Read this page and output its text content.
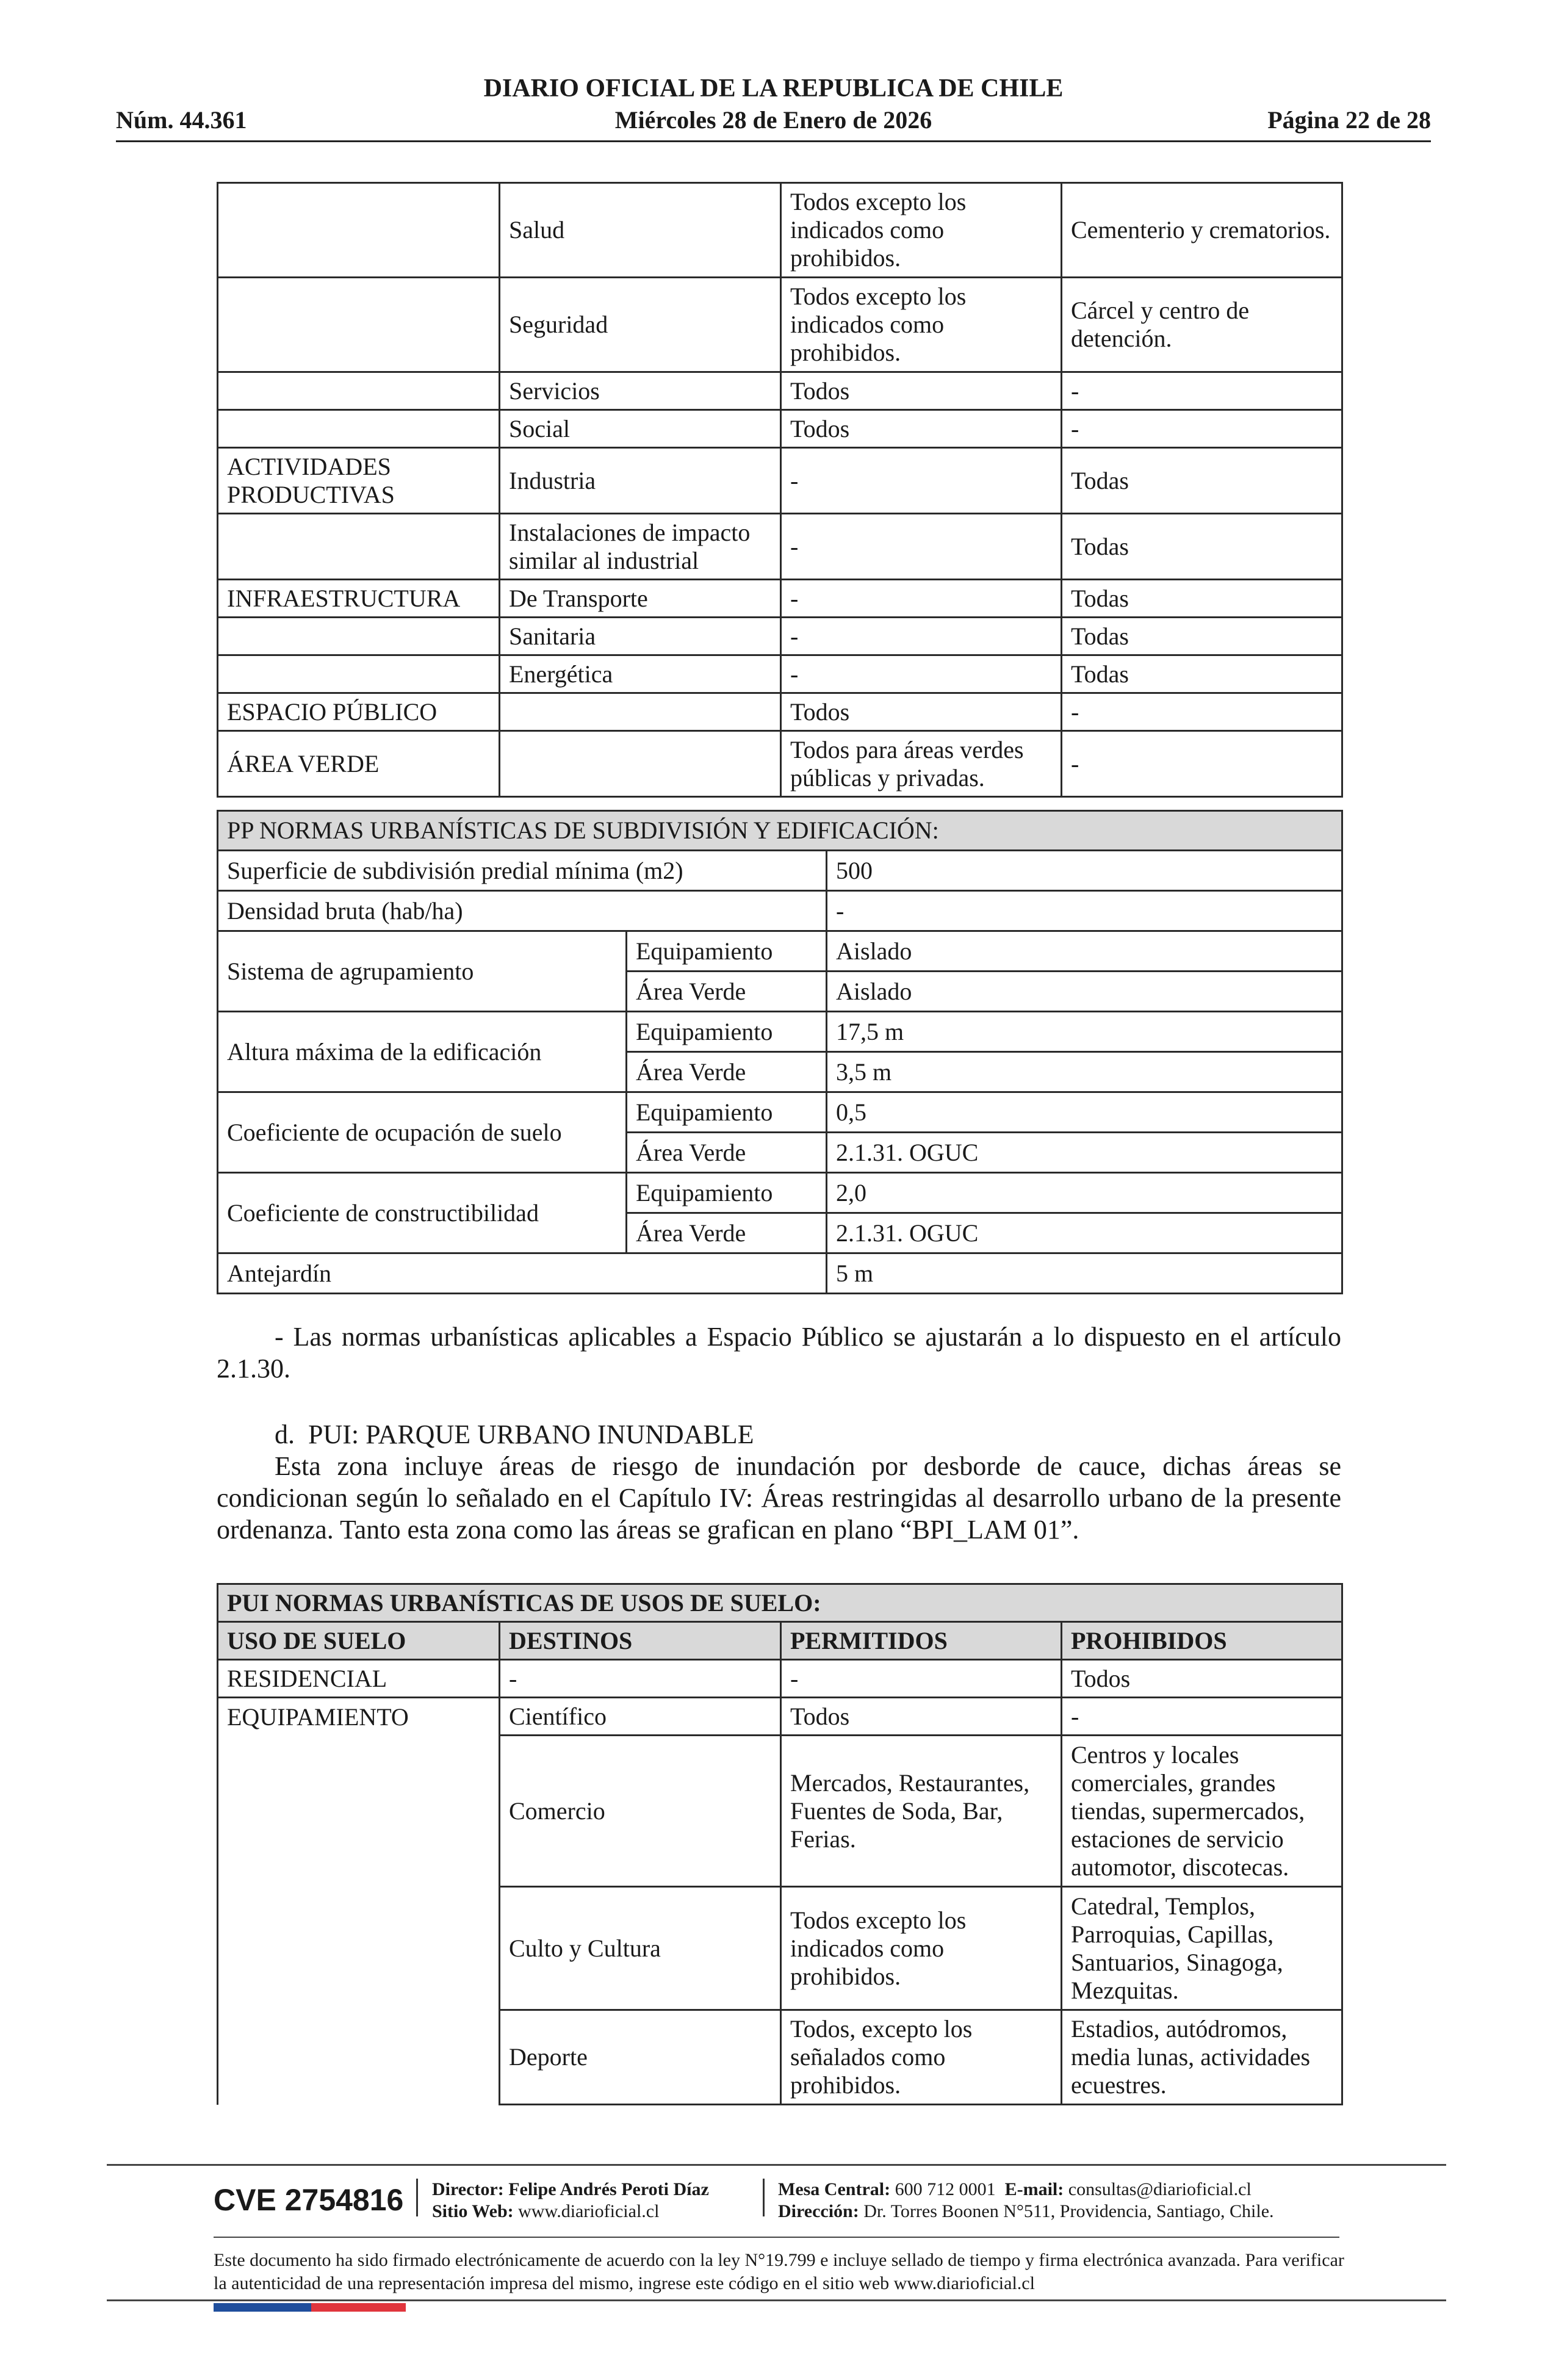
DIARIO OFICIAL DE LA REPUBLICA DE CHILE
Núm. 44.361	Miércoles 28 de Enero de 2026	Página 22 de 28
	Salud	Todos excepto los indicados como prohibidos.	Cementerio y crematorios.
	Seguridad	Todos excepto los indicados como prohibidos.	Cárcel y centro de detención.
	Servicios	Todos	-
	Social	Todos	-
ACTIVIDADES PRODUCTIVAS	Industria	-	Todas
	Instalaciones de impacto similar al industrial	-	Todas
INFRAESTRUCTURA	De Transporte	-	Todas
	Sanitaria	-	Todas
	Energética	-	Todas
ESPACIO PÚBLICO		Todos	-
ÁREA VERDE		Todos para áreas verdes públicas y privadas.	-
PP NORMAS URBANÍSTICAS DE SUBDIVISIÓN Y EDIFICACIÓN:		
Superficie de subdivisión predial mínima (m2)		500
Densidad bruta (hab/ha)		-
Sistema de agrupamiento	Equipamiento	Aislado
	Área Verde	Aislado
Altura máxima de la edificación	Equipamiento	17,5 m
	Área Verde	3,5 m
Coeficiente de ocupación de suelo	Equipamiento	0,5
	Área Verde	2.1.31. OGUC
Coeficiente de constructibilidad	Equipamiento	2,0
	Área Verde	2.1.31. OGUC
Antejardín		5 m
- Las normas urbanísticas aplicables a Espacio Público se ajustarán a lo dispuesto en el artículo 2.1.30.
d.  PUI: PARQUE URBANO INUNDABLE
Esta zona incluye áreas de riesgo de inundación por desborde de cauce, dichas áreas se condicionan según lo señalado en el Capítulo IV: Áreas restringidas al desarrollo urbano de la presente ordenanza. Tanto esta zona como las áreas se grafican en plano “BPI_LAM 01”.
PUI NORMAS URBANÍSTICAS DE USOS DE SUELO:			
USO DE SUELO	DESTINOS	PERMITIDOS	PROHIBIDOS
RESIDENCIAL	-	-	Todos
EQUIPAMIENTO	Científico	Todos	-
	Comercio	Mercados, Restaurantes, Fuentes de Soda, Bar, Ferias.	Centros y locales comerciales, grandes tiendas, supermercados, estaciones de servicio automotor, discotecas.
	Culto y Cultura	Todos excepto los indicados como prohibidos.	Catedral, Templos, Parroquias, Capillas, Santuarios, Sinagoga, Mezquitas.
	Deporte	Todos, excepto los señalados como prohibidos.	Estadios, autódromos, media lunas, actividades ecuestres.
CVE 2754816 Director: Felipe Andrés Peroti Díaz
Sitio Web: www.diarioficial.cl
Mesa Central: 600 712 0001 E-mail: consultas@diarioficial.cl
Dirección: Dr. Torres Boonen N°511, Providencia, Santiago, Chile.
Este documento ha sido firmado electrónicamente de acuerdo con la ley N°19.799 e incluye sellado de tiempo y firma electrónica avanzada. Para verificar la autenticidad de una representación impresa del mismo, ingrese este código en el sitio web www.diarioficial.cl
